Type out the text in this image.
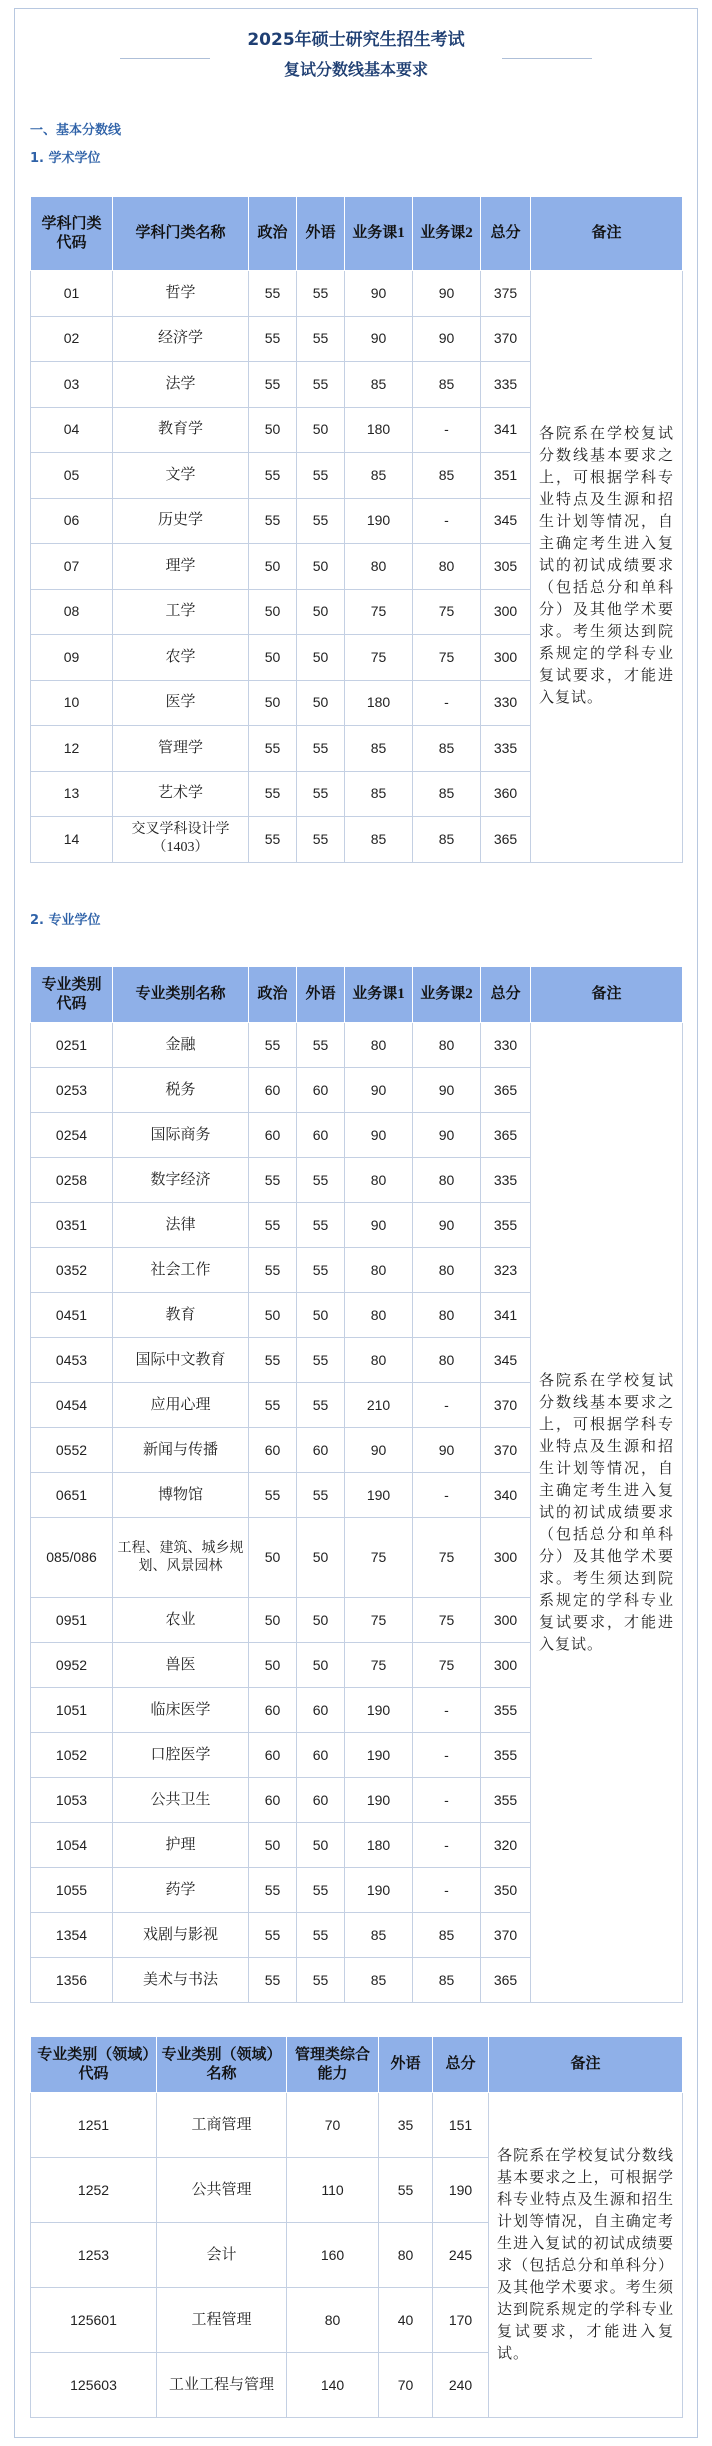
2025年硕士研究生招生考试
复试分数线基本要求
一、基本分数线
1. 学术学位
学科门类代码	学科门类名称	政治	外语	业务课1	业务课2	总分	备注
01	哲学	55	55	90	90	375	各院系在学校复试分数线基本要求之上，可根据学科专业特点及生源和招生计划等情况，自主确定考生进入复试的初试成绩要求（包括总分和单科分）及其他学术要求。考生须达到院系规定的学科专业复试要求，才能进入复试。
02	经济学	55	55	90	90	370	
03	法学	55	55	85	85	335	
04	教育学	50	50	180	-	341	
05	文学	55	55	85	85	351	
06	历史学	55	55	190	-	345	
07	理学	50	50	80	80	305	
08	工学	50	50	75	75	300	
09	农学	50	50	75	75	300	
10	医学	50	50	180	-	330	
12	管理学	55	55	85	85	335	
13	艺术学	55	55	85	85	360	
14	交叉学科设计学（1403）	55	55	85	85	365	
2. 专业学位
专业类别代码	专业类别名称	政治	外语	业务课1	业务课2	总分	备注
0251	金融	55	55	80	80	330	各院系在学校复试分数线基本要求之上，可根据学科专业特点及生源和招生计划等情况，自主确定考生进入复试的初试成绩要求（包括总分和单科分）及其他学术要求。考生须达到院系规定的学科专业复试要求，才能进入复试。
0253	税务	60	60	90	90	365	
0254	国际商务	60	60	90	90	365	
0258	数字经济	55	55	80	80	335	
0351	法律	55	55	90	90	355	
0352	社会工作	55	55	80	80	323	
0451	教育	50	50	80	80	341	
0453	国际中文教育	55	55	80	80	345	
0454	应用心理	55	55	210	-	370	
0552	新闻与传播	60	60	90	90	370	
0651	博物馆	55	55	190	-	340	
085/086	工程、建筑、城乡规划、风景园林	50	50	75	75	300	
0951	农业	50	50	75	75	300	
0952	兽医	50	50	75	75	300	
1051	临床医学	60	60	190	-	355	
1052	口腔医学	60	60	190	-	355	
1053	公共卫生	60	60	190	-	355	
1054	护理	50	50	180	-	320	
1055	药学	55	55	190	-	350	
1354	戏剧与影视	55	55	85	85	370	
1356	美术与书法	55	55	85	85	365	
专业类别（领域）代码	专业类别（领域）名称	管理类综合能力	外语	总分	备注
1251	工商管理	70	35	151	各院系在学校复试分数线基本要求之上，可根据学科专业特点及生源和招生计划等情况，自主确定考生进入复试的初试成绩要求（包括总分和单科分）及其他学术要求。考生须达到院系规定的学科专业复试要求，才能进入复试。
1252	公共管理	110	55	190	
1253	会计	160	80	245	
125601	工程管理	80	40	170	
125603	工业工程与管理	140	70	240	
